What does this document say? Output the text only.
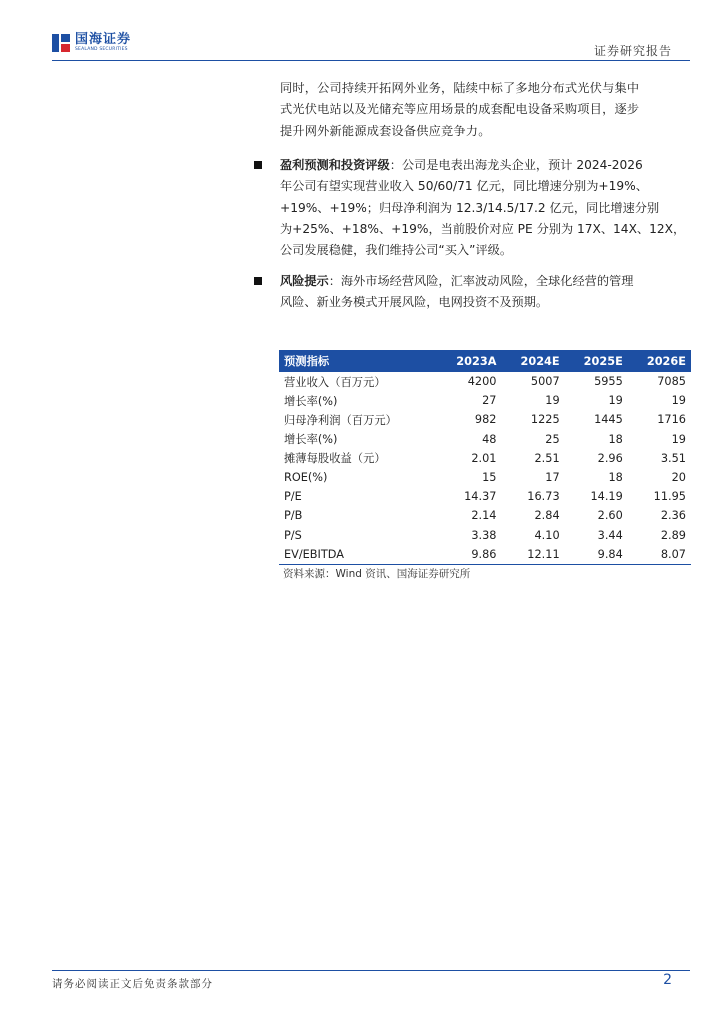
国海证券
SEALAND SECURITIES	证券研究报告
同时，公司持续开拓网外业务，陆续中标了多地分布式光伏与集中
式光伏电站以及光储充等应用场景的成套配电设备采购项目，逐步
提升网外新能源成套设备供应竞争力。
盈利预测和投资评级：公司是电表出海龙头企业，预计 2024-2026
年公司有望实现营业收入 50/60/71 亿元，同比增速分别为+19%、
+19%、+19%；归母净利润为 12.3/14.5/17.2 亿元，同比增速分别
为+25%、+18%、+19%，当前股价对应 PE 分别为 17X、14X、12X，
公司发展稳健，我们维持公司“买入”评级。
风险提示：海外市场经营风险，汇率波动风险，全球化经营的管理
风险、新业务模式开展风险，电网投资不及预期。
预测指标	2023A	2024E	2025E	2026E
营业收入（百万元）	4200	5007	5955	7085
增长率(%)	27	19	19	19
归母净利润（百万元）	982	1225	1445	1716
增长率(%)	48	25	18	19
摊薄每股收益（元）	2.01	2.51	2.96	3.51
ROE(%)	15	17	18	20
P/E	14.37	16.73	14.19	11.95
P/B	2.14	2.84	2.60	2.36
P/S	3.38	4.10	3.44	2.89
EV/EBITDA	9.86	12.11	9.84	8.07
资料来源：Wind 资讯、国海证券研究所
请务必阅读正文后免责条款部分	2
